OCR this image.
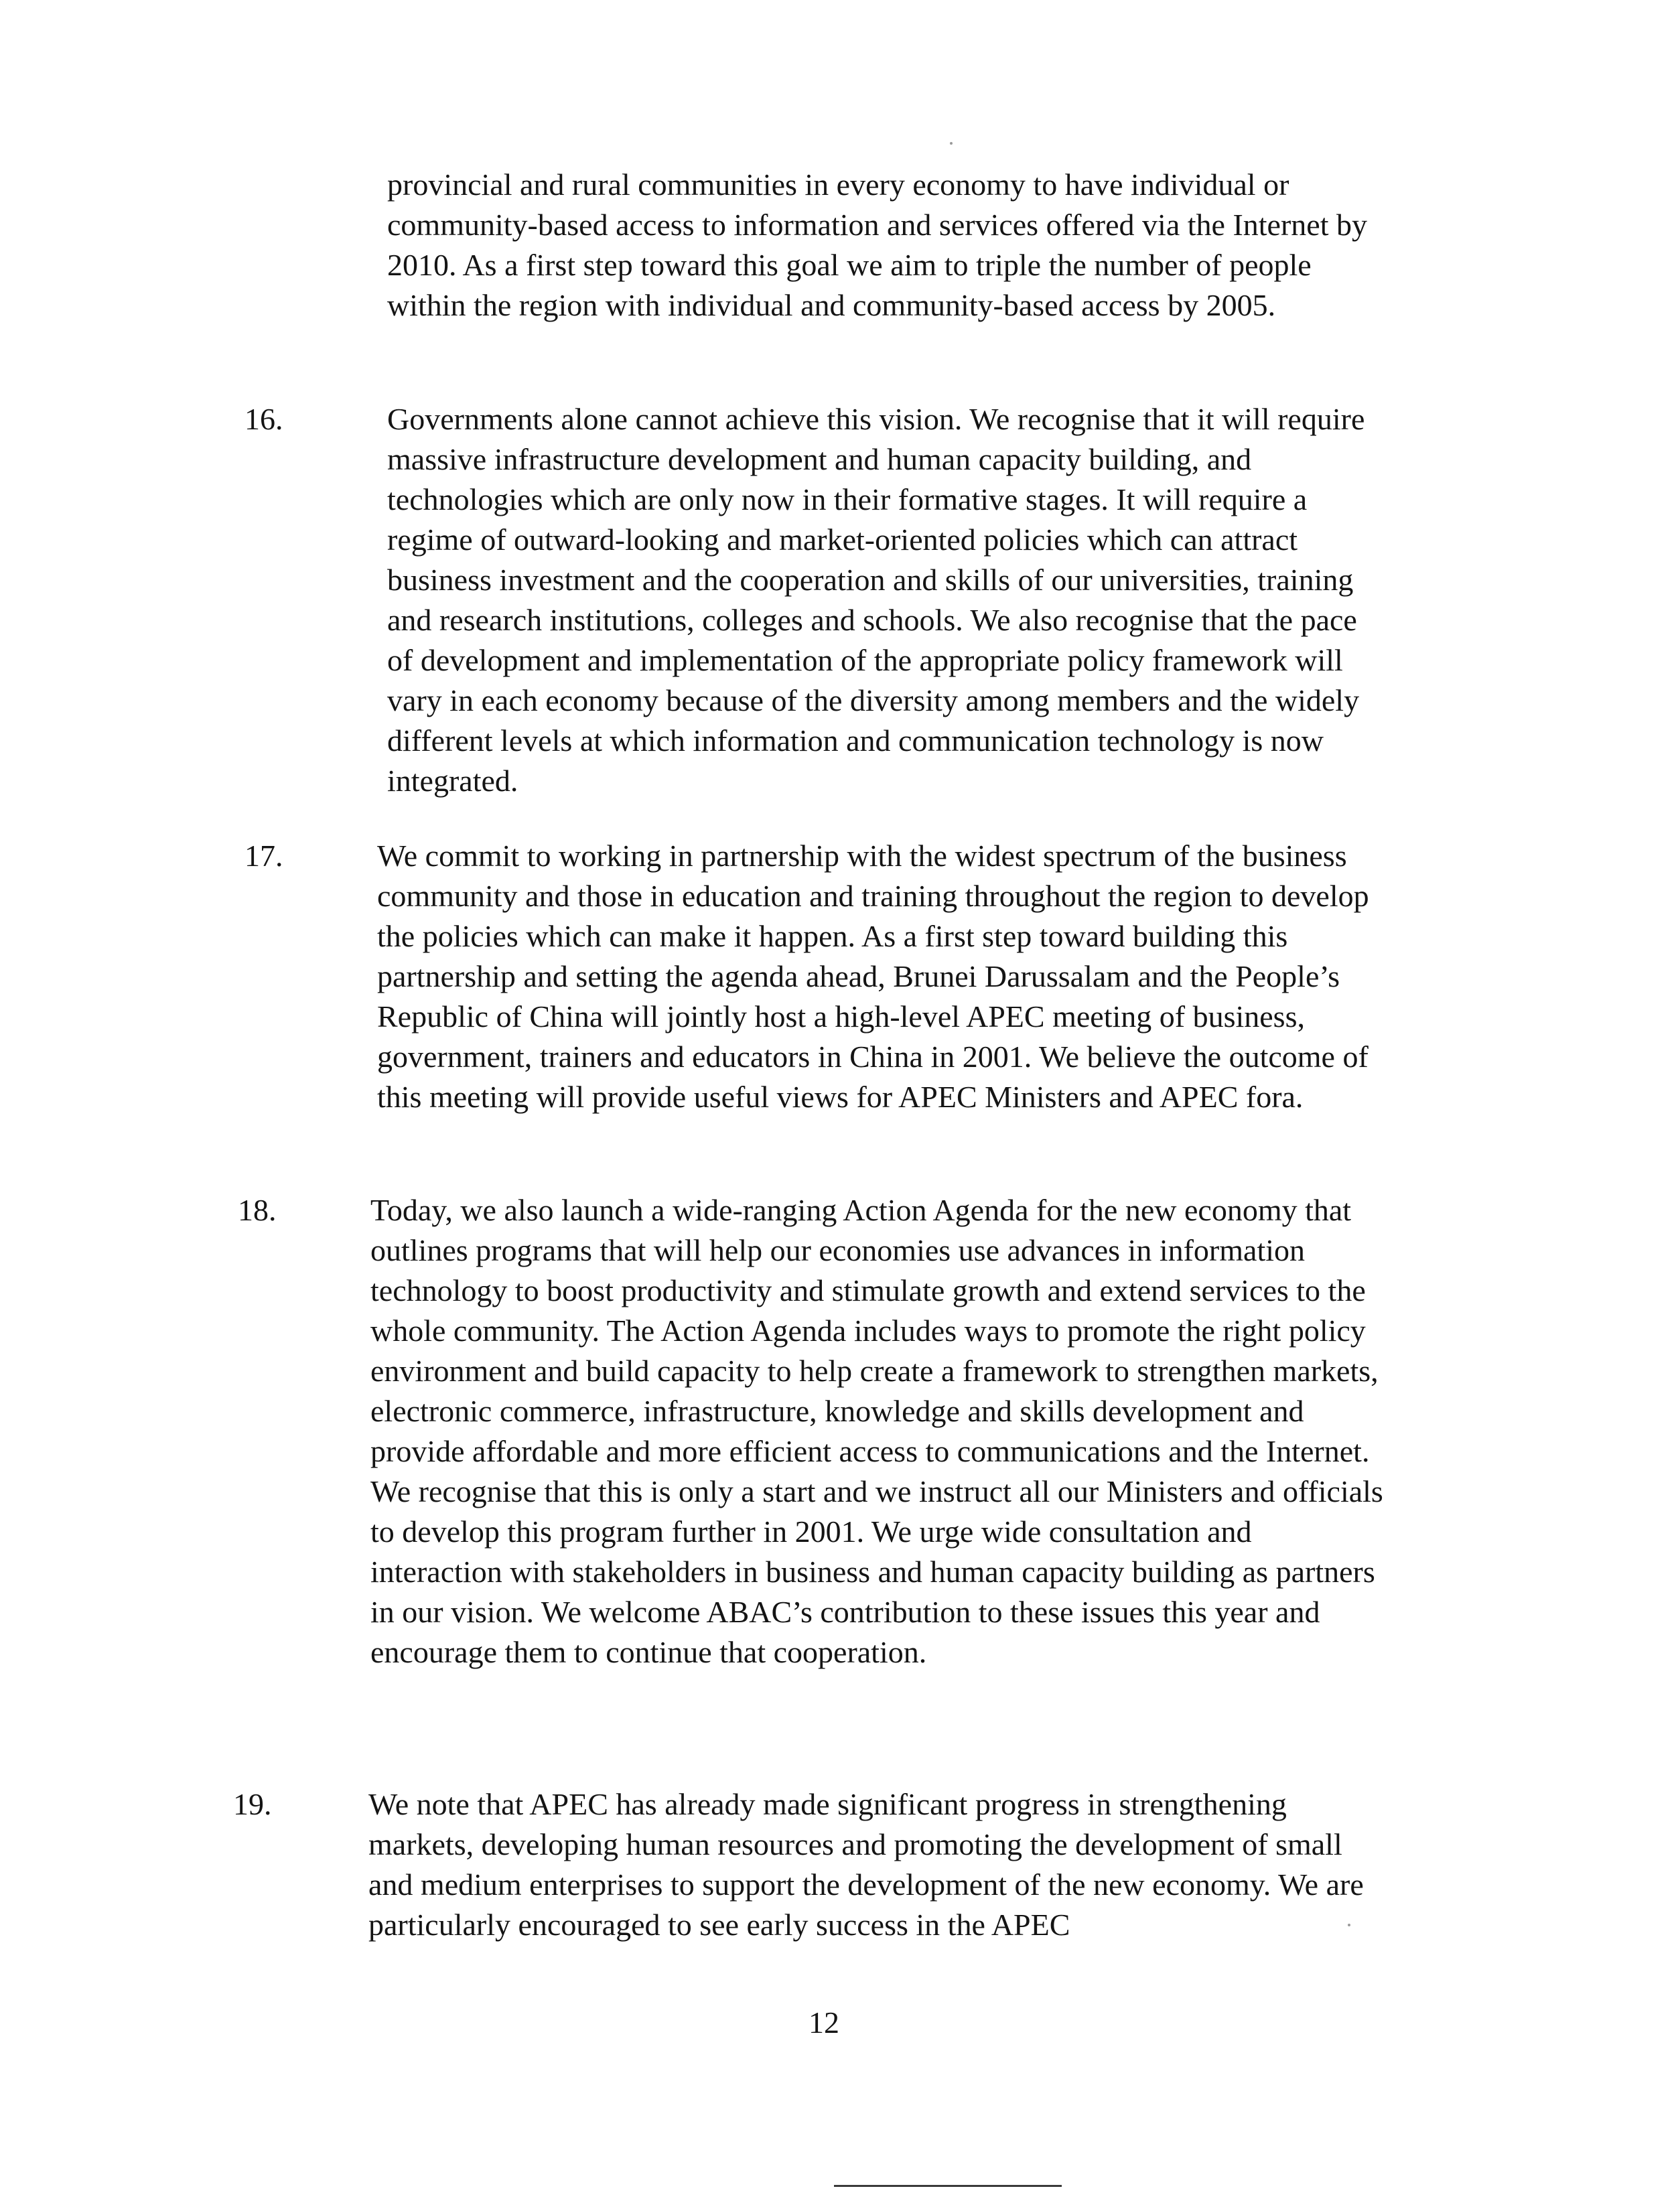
provincial and rural communities in every economy to have individual or community-based access to information and services offered via the Internet by 2010. As a first step toward this goal we aim to triple the number of people within the region with individual and community-based access by 2005.

16.	Governments alone cannot achieve this vision. We recognise that it will require massive infrastructure development and human capacity building, and technologies which are only now in their formative stages. It will require a regime of outward-looking and market-oriented policies which can attract business investment and the cooperation and skills of our universities, training and research institutions, colleges and schools. We also recognise that the pace of development and implementation of the appropriate policy framework will vary in each economy because of the diversity among members and the widely different levels at which information and communication technology is now integrated.

17.	We commit to working in partnership with the widest spectrum of the business community and those in education and training throughout the region to develop the policies which can make it happen. As a first step toward building this partnership and setting the agenda ahead, Brunei Darussalam and the People’s Republic of China will jointly host a high-level APEC meeting of business, government, trainers and educators in China in 2001. We believe the outcome of this meeting will provide useful views for APEC Ministers and APEC fora.

18.	Today, we also launch a wide-ranging Action Agenda for the new economy that outlines programs that will help our economies use advances in information technology to boost productivity and stimulate growth and extend services to the whole community. The Action Agenda includes ways to promote the right policy environment and build capacity to help create a framework to strengthen markets, electronic commerce, infrastructure, knowledge and skills development and provide affordable and more efficient access to communications and the Internet. We recognise that this is only a start and we instruct all our Ministers and officials to develop this program further in 2001. We urge wide consultation and interaction with stakeholders in business and human capacity building as partners in our vision. We welcome ABAC’s contribution to these issues this year and encourage them to continue that cooperation.

19.	We note that APEC has already made significant progress in strengthening markets, developing human resources and promoting the development of small and medium enterprises to support the development of the new economy. We are particularly encouraged to see early success in the APEC

12
